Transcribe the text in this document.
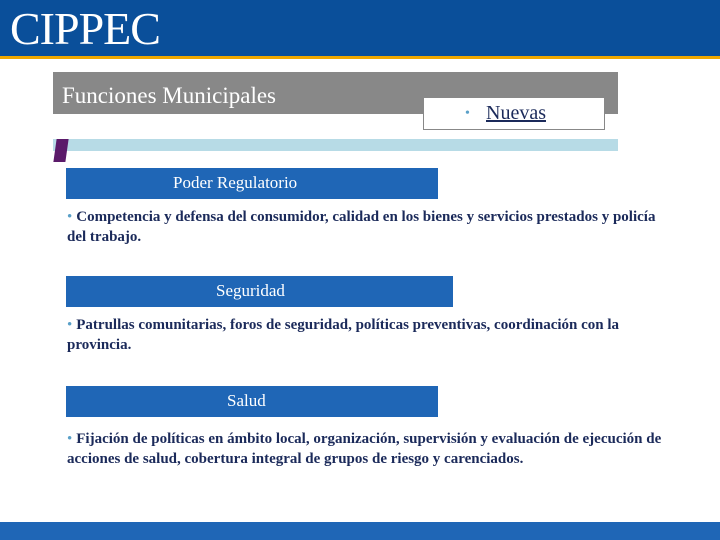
CIPPEC
Funciones Municipales
• Nuevas
Poder Regulatorio
• Competencia y defensa del consumidor, calidad en los bienes y servicios prestados y policía del trabajo.
Seguridad
• Patrullas comunitarias, foros de seguridad, políticas preventivas, coordinación con la provincia.
Salud
• Fijación de políticas en ámbito local, organización, supervisión y evaluación de ejecución de acciones de salud, cobertura integral de grupos de riesgo y carenciados.
